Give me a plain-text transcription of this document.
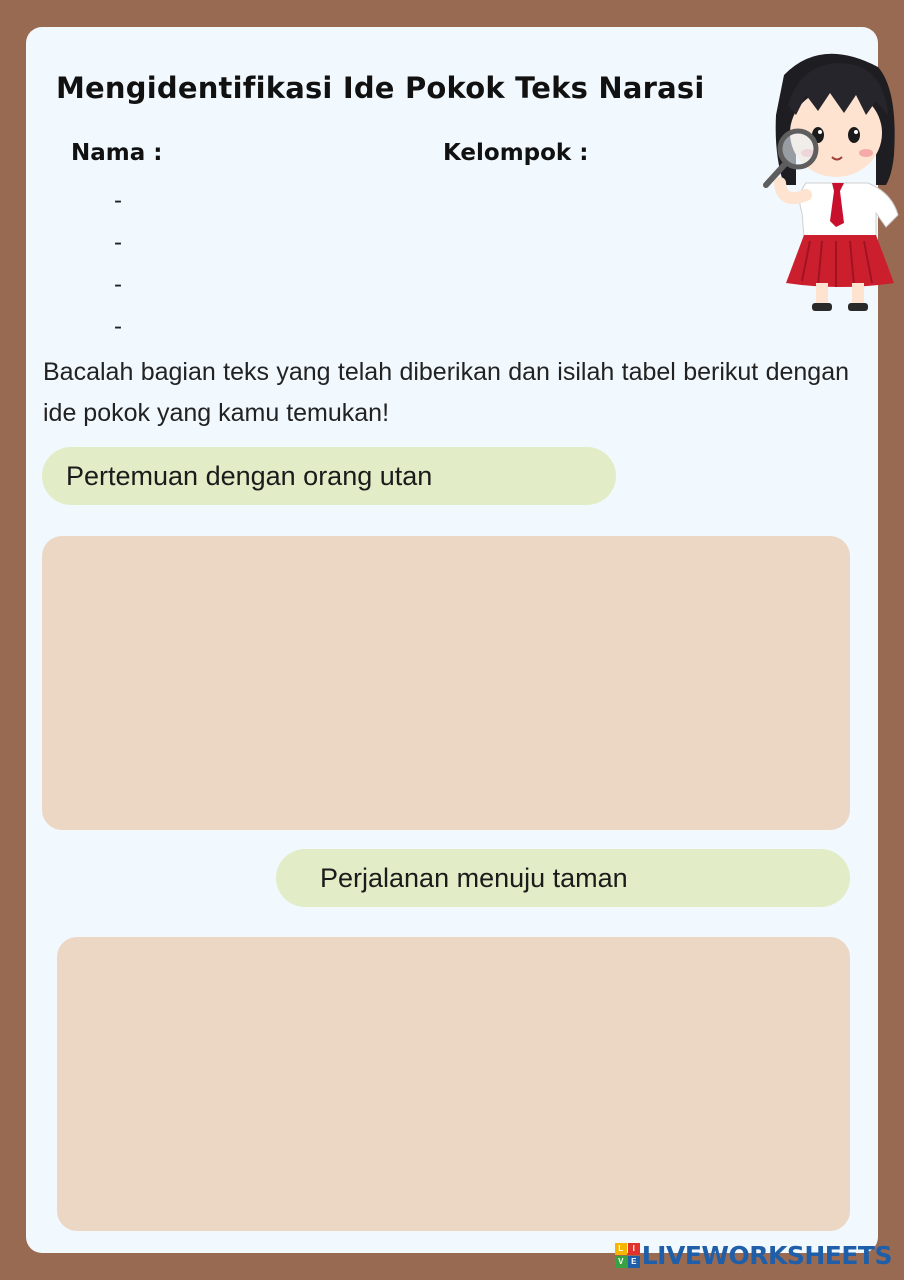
Mengidentifikasi Ide Pokok Teks Narasi

Nama :	Kelompok :

-
-
-
-

Bacalah bagian teks yang telah diberikan dan isilah tabel berikut dengan ide pokok yang kamu temukan!

Pertemuan dengan orang utan
Perjalanan menuju taman
L	I
V E LIVEWORKSHEETS
